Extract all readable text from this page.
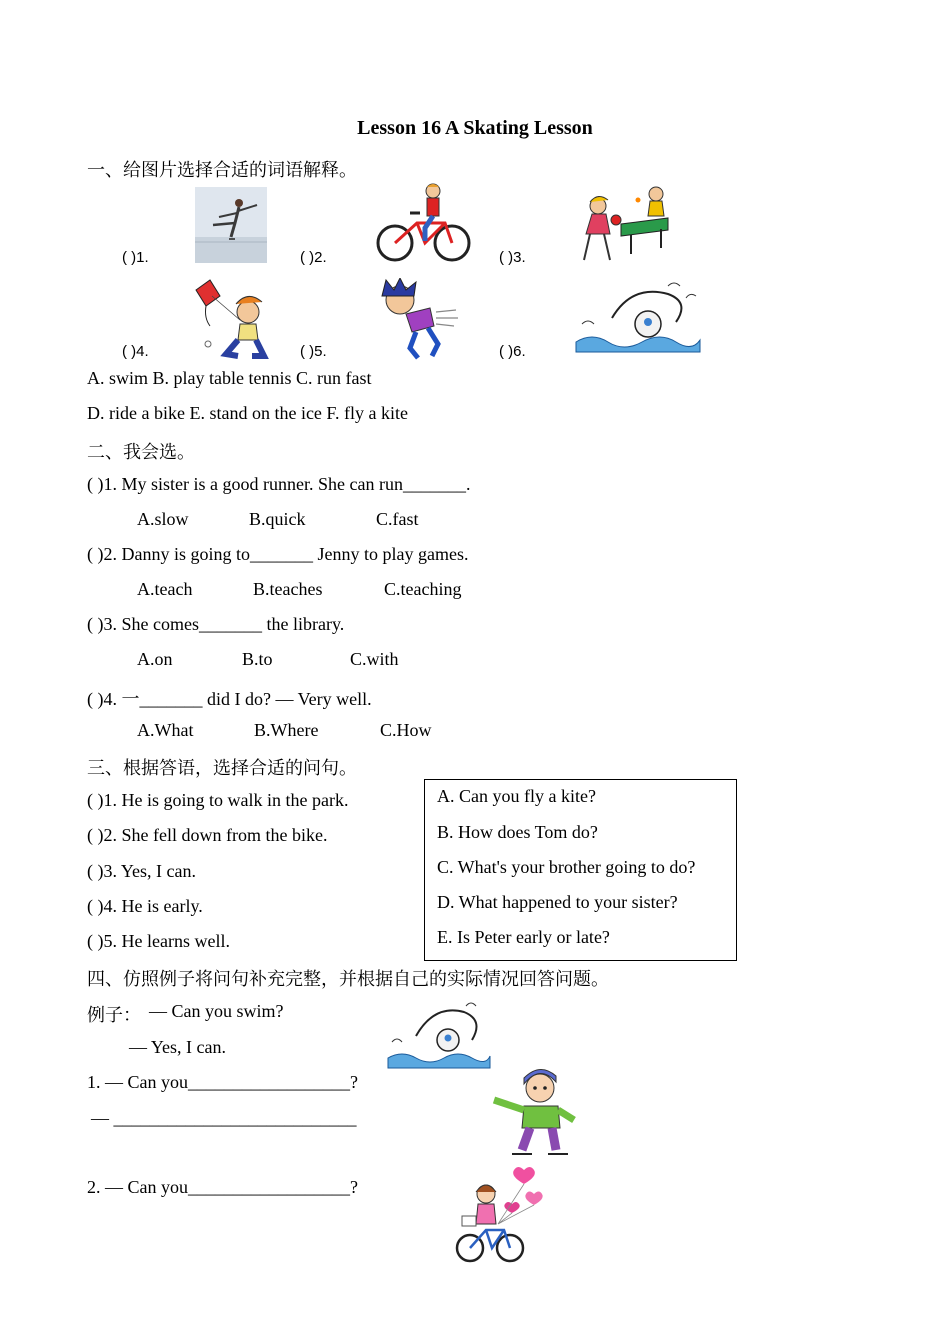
Lesson 16 A Skating Lesson
一、给图片选择合适的词语解释。
( )1.	( )2.	( )3.
( )4.	( )5.	( )6.
A. swim B. play table tennis C. run fast
D. ride a bike E. stand on the ice F. fly a kite
二、我会选。
( )1. My sister is a good runner. She can run_______.
A.slow	B.quick	C.fast
( )2. Danny is going to_______ Jenny to play games.
A.teach	B.teaches	C.teaching
( )3. She comes_______ the library.
A.on	B.to	C.with
( )4. 一_______ did I do? — Very well.
A.What	B.Where	C.How
三、根据答语，选择合适的问句。
( )1. He is going to walk in the park.
( )2. She fell down from the bike.
( )3. Yes, I can.
( )4. He is early.
( )5. He learns well.
A. Can you fly a kite?
B. How does Tom do?
C. What's your brother going to do?
D. What happened to your sister?
E. Is Peter early or late?
四、仿照例子将问句补充完整，并根据自己的实际情况回答问题。
例子： — Can you swim?
— Yes, I can.
1. — Can you__________________?
— ___________________________
2. — Can you__________________?
